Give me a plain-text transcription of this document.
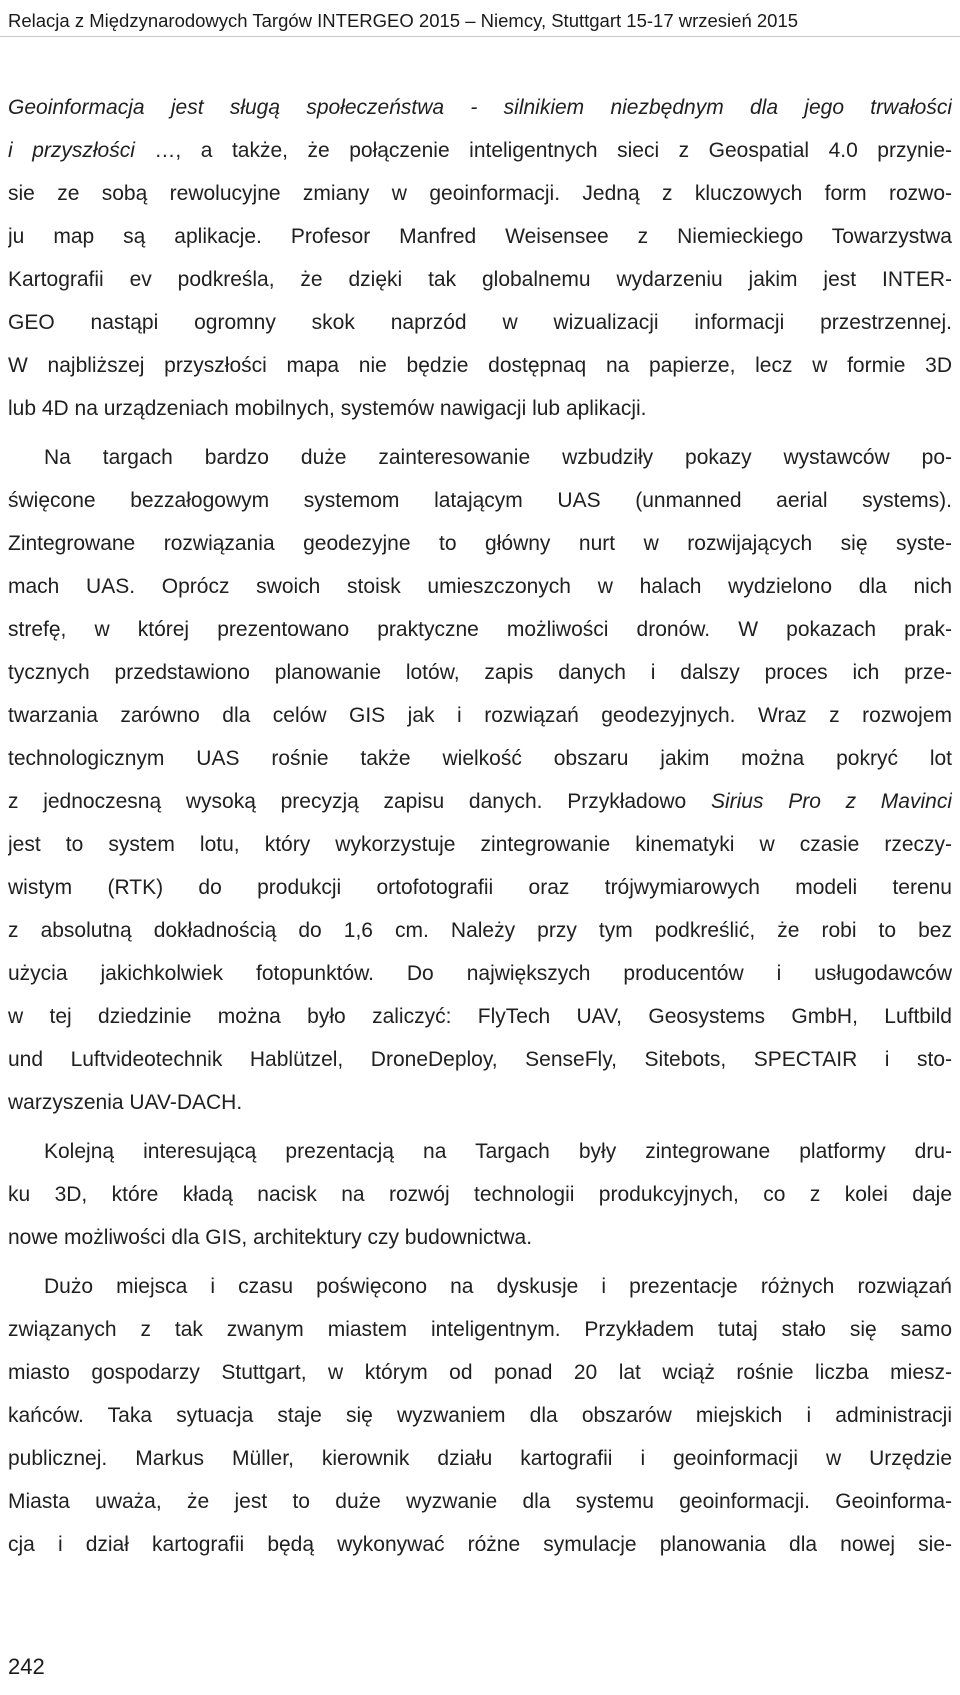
Relacja z Międzynarodowych Targów INTERGEO 2015 – Niemcy, Stuttgart 15-17 wrzesień 2015

Geoinformacja jest sługą społeczeństwa - silnikiem niezbędnym dla jego trwałości
i przyszłości …, a także, że połączenie inteligentnych sieci z Geospatial 4.0 przynie-
sie ze sobą rewolucyjne zmiany w geoinformacji. Jedną z kluczowych form rozwo-
ju map są aplikacje. Profesor Manfred Weisensee z Niemieckiego Towarzystwa
Kartografii ev podkreśla, że dzięki tak globalnemu wydarzeniu jakim jest INTER-
GEO nastąpi ogromny skok naprzód w wizualizacji informacji przestrzennej.
W najbliższej przyszłości mapa nie będzie dostępnaq na papierze, lecz w formie 3D
lub 4D na urządzeniach mobilnych, systemów nawigacji lub aplikacji.

Na targach bardzo duże zainteresowanie wzbudziły pokazy wystawców po-
święcone bezzałogowym systemom latającym UAS (unmanned aerial systems).
Zintegrowane rozwiązania geodezyjne to główny nurt w rozwijających się syste-
mach UAS. Oprócz swoich stoisk umieszczonych w halach wydzielono dla nich
strefę, w której prezentowano praktyczne możliwości dronów. W pokazach prak-
tycznych przedstawiono planowanie lotów, zapis danych i dalszy proces ich prze-
twarzania zarówno dla celów GIS jak i rozwiązań geodezyjnych. Wraz z rozwojem
technologicznym UAS rośnie także wielkość obszaru jakim można pokryć lot
z jednoczesną wysoką precyzją zapisu danych. Przykładowo Sirius Pro z Mavinci
jest to system lotu, który wykorzystuje zintegrowanie kinematyki w czasie rzeczy-
wistym (RTK) do produkcji ortofotografii oraz trójwymiarowych modeli terenu
z absolutną dokładnością do 1,6 cm. Należy przy tym podkreślić, że robi to bez
użycia jakichkolwiek fotopunktów. Do największych producentów i usługodawców
w tej dziedzinie można było zaliczyć: FlyTech UAV, Geosystems GmbH, Luftbild
und Luftvideotechnik Hablützel, DroneDeploy, SenseFly, Sitebots, SPECTAIR i sto-
warzyszenia UAV-DACH.

Kolejną interesującą prezentacją na Targach były zintegrowane platformy dru-
ku 3D, które kładą nacisk na rozwój technologii produkcyjnych, co z kolei daje
nowe możliwości dla GIS, architektury czy budownictwa.

Dużo miejsca i czasu poświęcono na dyskusje i prezentacje różnych rozwiązań
związanych z tak zwanym miastem inteligentnym. Przykładem tutaj stało się samo
miasto gospodarzy Stuttgart, w którym od ponad 20 lat wciąż rośnie liczba miesz-
kańców. Taka sytuacja staje się wyzwaniem dla obszarów miejskich i administracji
publicznej. Markus Müller, kierownik działu kartografii i geoinformacji w Urzędzie
Miasta uważa, że jest to duże wyzwanie dla systemu geoinformacji. Geoinforma-
cja i dział kartografii będą wykonywać różne symulacje planowania dla nowej sie-

242
